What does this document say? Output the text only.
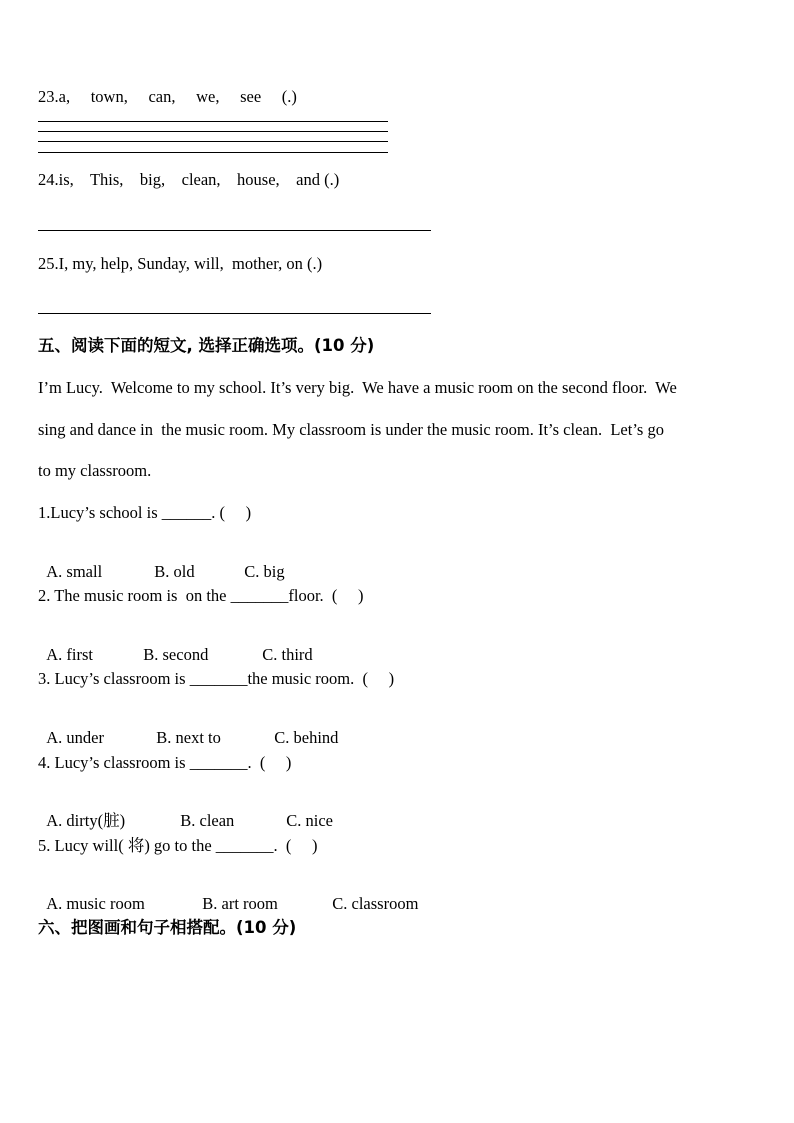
23.a,     town,     can,     we,     see     (.)
24.is,    This,    big,    clean,    house,    and (.)
25.I, my, help, Sunday, will,  mother, on (.)
五、阅读下面的短文, 选择正确选项。(10 分)
I’m Lucy.  Welcome to my school. It’s very big.  We have a music room on the second floor.  We
sing and dance in  the music room. My classroom is under the music room. It’s clean.  Let’s go
to my classroom.
1.Lucy’s school is ______. (     )

A. small	B. old	C. big

2. The music room is  on the _______floor.  (     )

A. first	B. second	C. third

3. Lucy’s classroom is _______the music room.  (     )

A. under	B. next to	C. behind

4. Lucy’s classroom is _______.  (     )

A. dirty(脏)	B. clean	C. nice

5. Lucy will( 将) go to the _______.  (     )

A. music room	B. art room	C. classroom

六、把图画和句子相搭配。(10 分)
